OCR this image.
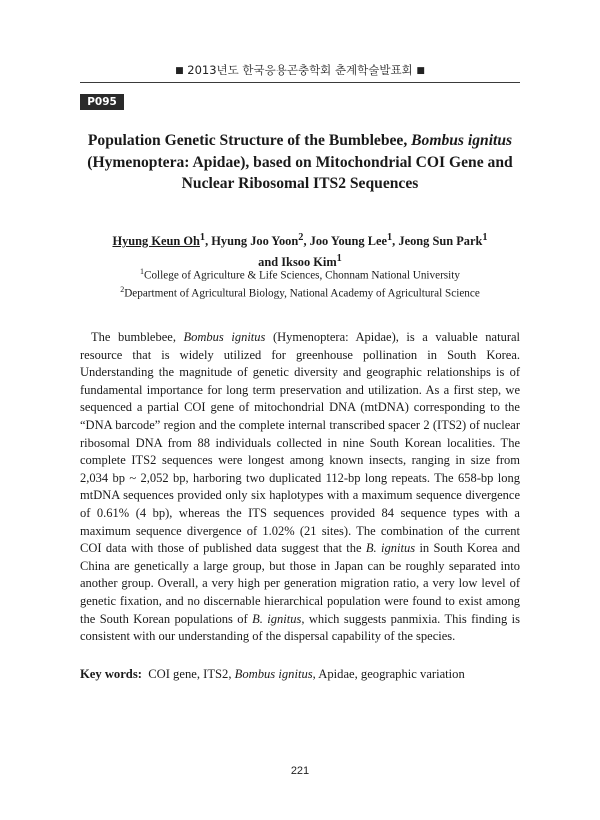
■ 2013년도 한국응용곤충학회 춘계학술발표회 ■
P095
Population Genetic Structure of the Bumblebee, Bombus ignitus
(Hymenoptera: Apidae), based on Mitochondrial COI Gene and
Nuclear Ribosomal ITS2 Sequences
Hyung Keun Oh$^1$, Hyung Joo Yoon$^2$, Joo Young Lee$^1$, Jeong Sun Park$^1$
and Iksoo Kim$^1$
$^1$College of Agriculture & Life Sciences, Chonnam National University
$^2$Department of Agricultural Biology, National Academy of Agricultural Science

The bumblebee, Bombus ignitus (Hymenoptera: Apidae), is a valuable natural resource that is widely utilized for greenhouse pollination in South Korea. Understanding the magnitude of genetic diversity and geographic relationships is of fundamental importance for long term preservation and utilization. As a first step, we sequenced a partial COI gene of mitochondrial DNA (mtDNA) corresponding to the “DNA barcode” region and the complete internal transcribed spacer 2 (ITS2) of nuclear ribosomal DNA from 88 individuals collected in nine South Korean localities. The complete ITS2 sequences were longest among known insects, ranging in size from 2,034 bp ~ 2,052 bp, harboring two duplicated 112-bp long repeats. The 658-bp long mtDNA sequences provided only six haplotypes with a maximum sequence divergence of 0.61% (4 bp), whereas the ITS sequences provided 84 sequence types with a maximum sequence divergence of 1.02% (21 sites). The combination of the current COI data with those of published data suggest that the B. ignitus in South Korea and China are genetically a large group, but those in Japan can be roughly separated into another group. Overall, a very high per generation migration ratio, a very low level of genetic fixation, and no discernable hierarchical population were found to exist among the South Korean populations of B. ignitus, which suggests panmixia. This finding is consistent with our understanding of the dispersal capability of the species.

Key words: COI gene, ITS2, Bombus ignitus, Apidae, geographic variation
221
